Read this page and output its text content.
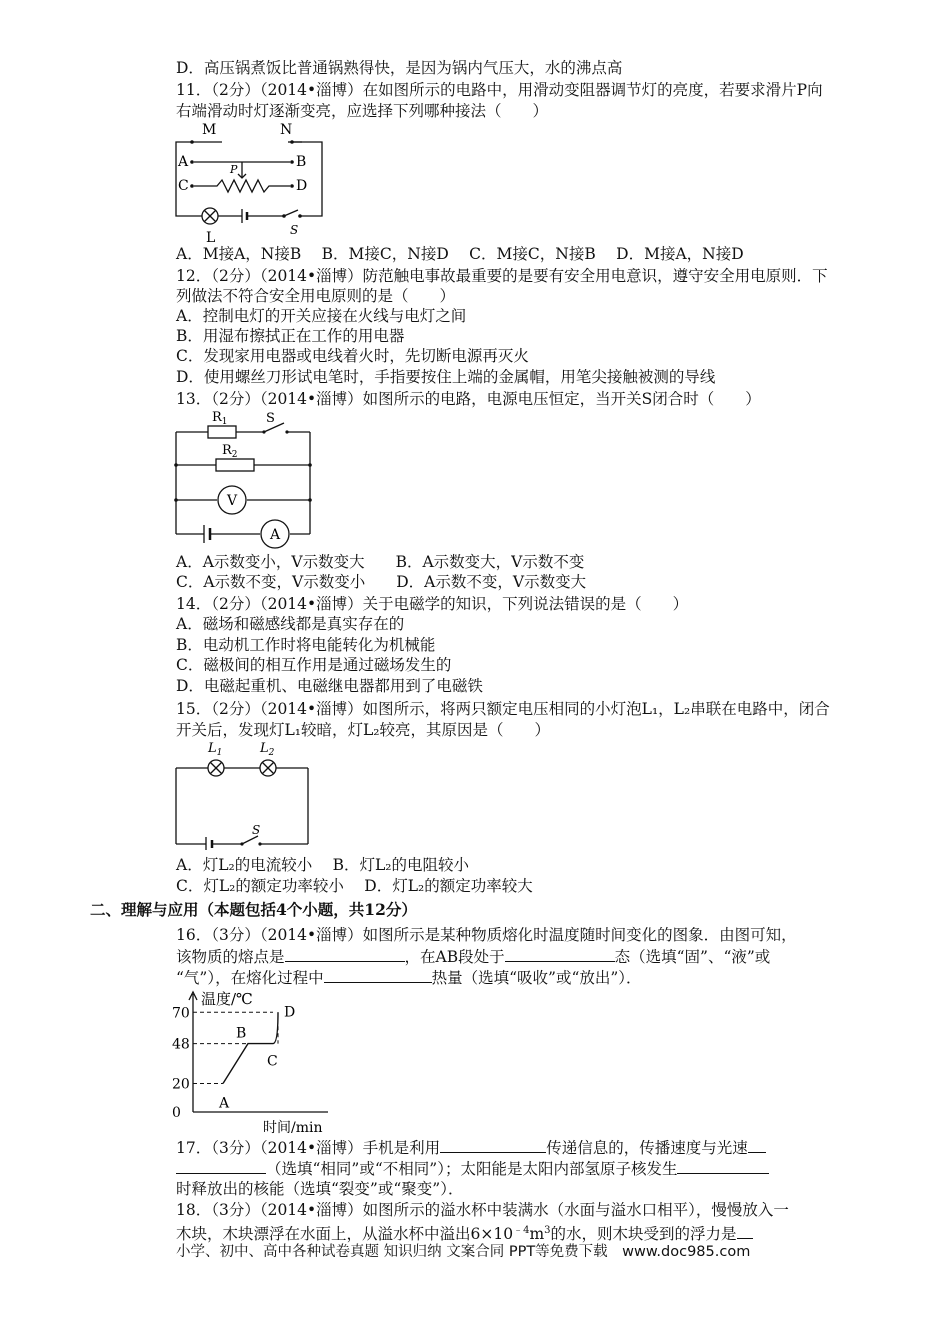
D．高压锅煮饭比普通锅熟得快，是因为锅内气压大，水的沸点高
11．（2分）（2014•淄博）在如图所示的电路中，用滑动变阻器调节灯的亮度，若要求滑片P向
右端滑动时灯逐渐变亮，应选择下列哪种接法（　　）
M	N
A	B
C	D
P
L	S
A．M接A，N接B　 B．M接C，N接D　 C．M接C，N接B　 D．M接A，N接D
12．（2分）（2014•淄博）防范触电事故最重要的是要有安全用电意识，遵守安全用电原则．下
列做法不符合安全用电原则的是（　　）
A．控制电灯的开关应接在火线与电灯之间
B．用湿布擦拭正在工作的用电器
C．发现家用电器或电线着火时，先切断电源再灭火
D．使用螺丝刀形试电笔时，手指要按住上端的金属帽，用笔尖接触被测的导线
13．（2分）（2014•淄博）如图所示的电路，电源电压恒定，当开关S闭合时（　　）
$R_1$
$R_2$
S
V
A
A．A示数变小，V示数变大　　B．A示数变大，V示数不变
C．A示数不变，V示数变小　　D．A示数不变，V示数变大
14．（2分）（2014•淄博）关于电磁学的知识，下列说法错误的是（　　）
A．磁场和磁感线都是真实存在的
B．电动机工作时将电能转化为机械能
C．磁极间的相互作用是通过磁场发生的
D．电磁起重机、电磁继电器都用到了电磁铁
15．（2分）（2014•淄博）如图所示，将两只额定电压相同的小灯泡L₁，L₂串联在电路中，闭合
开关后，发现灯L₁较暗，灯L₂较亮，其原因是（　　）
$L_1$	$L_2$
S
A．灯L₂的电流较小　 B．灯L₂的电阻较小
C．灯L₂的额定功率较小　 D．灯L₂的额定功率较大
二、理解与应用（本题包括4个小题，共12分）
16．（3分）（2014•淄博）如图所示是某种物质熔化时温度随时间变化的图象．由图可知，
该物质的熔点是	，在AB段处于	态（选填“固”、“液”或
“气”），在熔化过程中	热量（选填“吸收”或“放出”）．
温度/℃
时间/min
70
48
20
0
A
B
C
D
17．（3分）（2014•淄博）手机是利用	传递信息的，传播速度与光速
（选填“相同”或“不相同”）；太阳能是太阳内部氢原子核发生
时释放出的核能（选填“裂变”或“聚变”）．
18．（3分）（2014•淄博）如图所示的溢水杯中装满水（水面与溢水口相平），慢慢放入一
木块，木块漂浮在水面上，从溢水杯中溢出$6\times 10^{﹣4}m^3$的水，则木块受到的浮力是
小学、初中、高中各种试卷真题 知识归纳 文案合同 PPT等免费下载　www.doc985.com
